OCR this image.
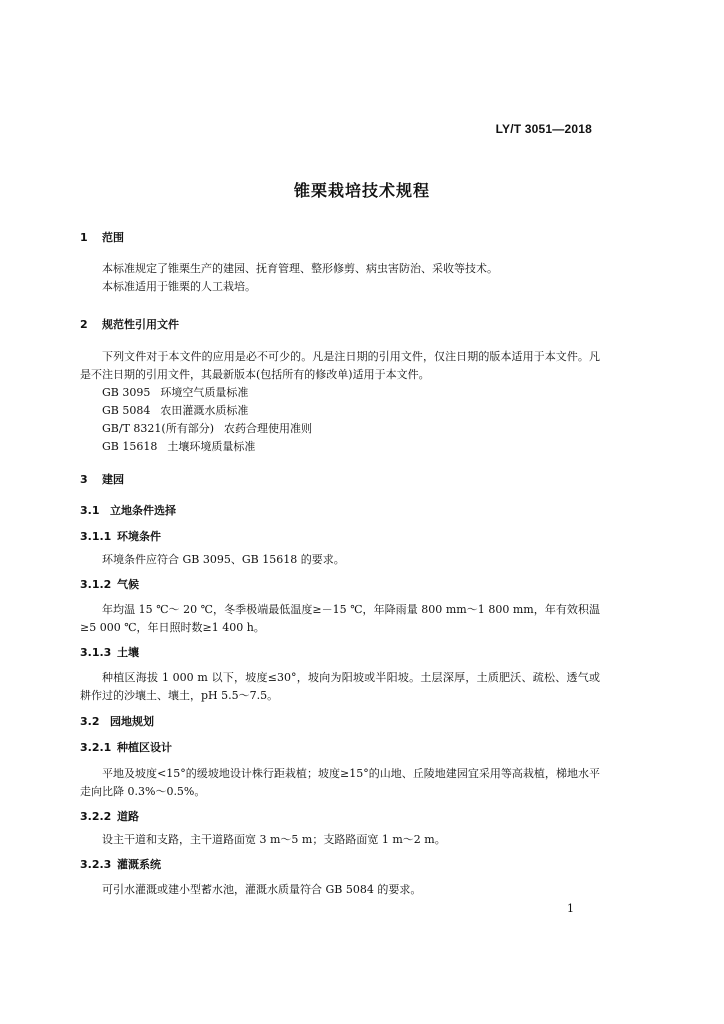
LY/T 3051—2018
锥栗栽培技术规程
1 范围
本标准规定了锥栗生产的建园、抚育管理、整形修剪、病虫害防治、采收等技术。
本标准适用于锥栗的人工栽培。
2 规范性引用文件
下列文件对于本文件的应用是必不可少的。凡是注日期的引用文件，仅注日期的版本适用于本文件。凡是不注日期的引用文件，其最新版本(包括所有的修改单)适用于本文件。
GB 3095 环境空气质量标准
GB 5084 农田灌溉水质标准
GB/T 8321(所有部分) 农药合理使用准则
GB 15618 土壤环境质量标准
3 建园
3.1 立地条件选择
3.1.1 环境条件
环境条件应符合 GB 3095、GB 15618 的要求。
3.1.2 气候
年均温 15 ℃～ 20 ℃，冬季极端最低温度≥－15 ℃，年降雨量 800 mm～1 800 mm，年有效积温≥5 000 ℃，年日照时数≥1 400 h。
3.1.3 土壤
种植区海拔 1 000 m 以下，坡度≤30°，坡向为阳坡或半阳坡。土层深厚，土质肥沃、疏松、透气或耕作过的沙壤土、壤土，pH 5.5～7.5。
3.2 园地规划
3.2.1 种植区设计
平地及坡度<15°的缓坡地设计株行距栽植；坡度≥15°的山地、丘陵地建园宜采用等高栽植，梯地水平走向比降 0.3%～0.5%。
3.2.2 道路
设主干道和支路，主干道路面宽 3 m～5 m；支路路面宽 1 m～2 m。
3.2.3 灌溉系统
可引水灌溉或建小型蓄水池，灌溉水质量符合 GB 5084 的要求。
1
